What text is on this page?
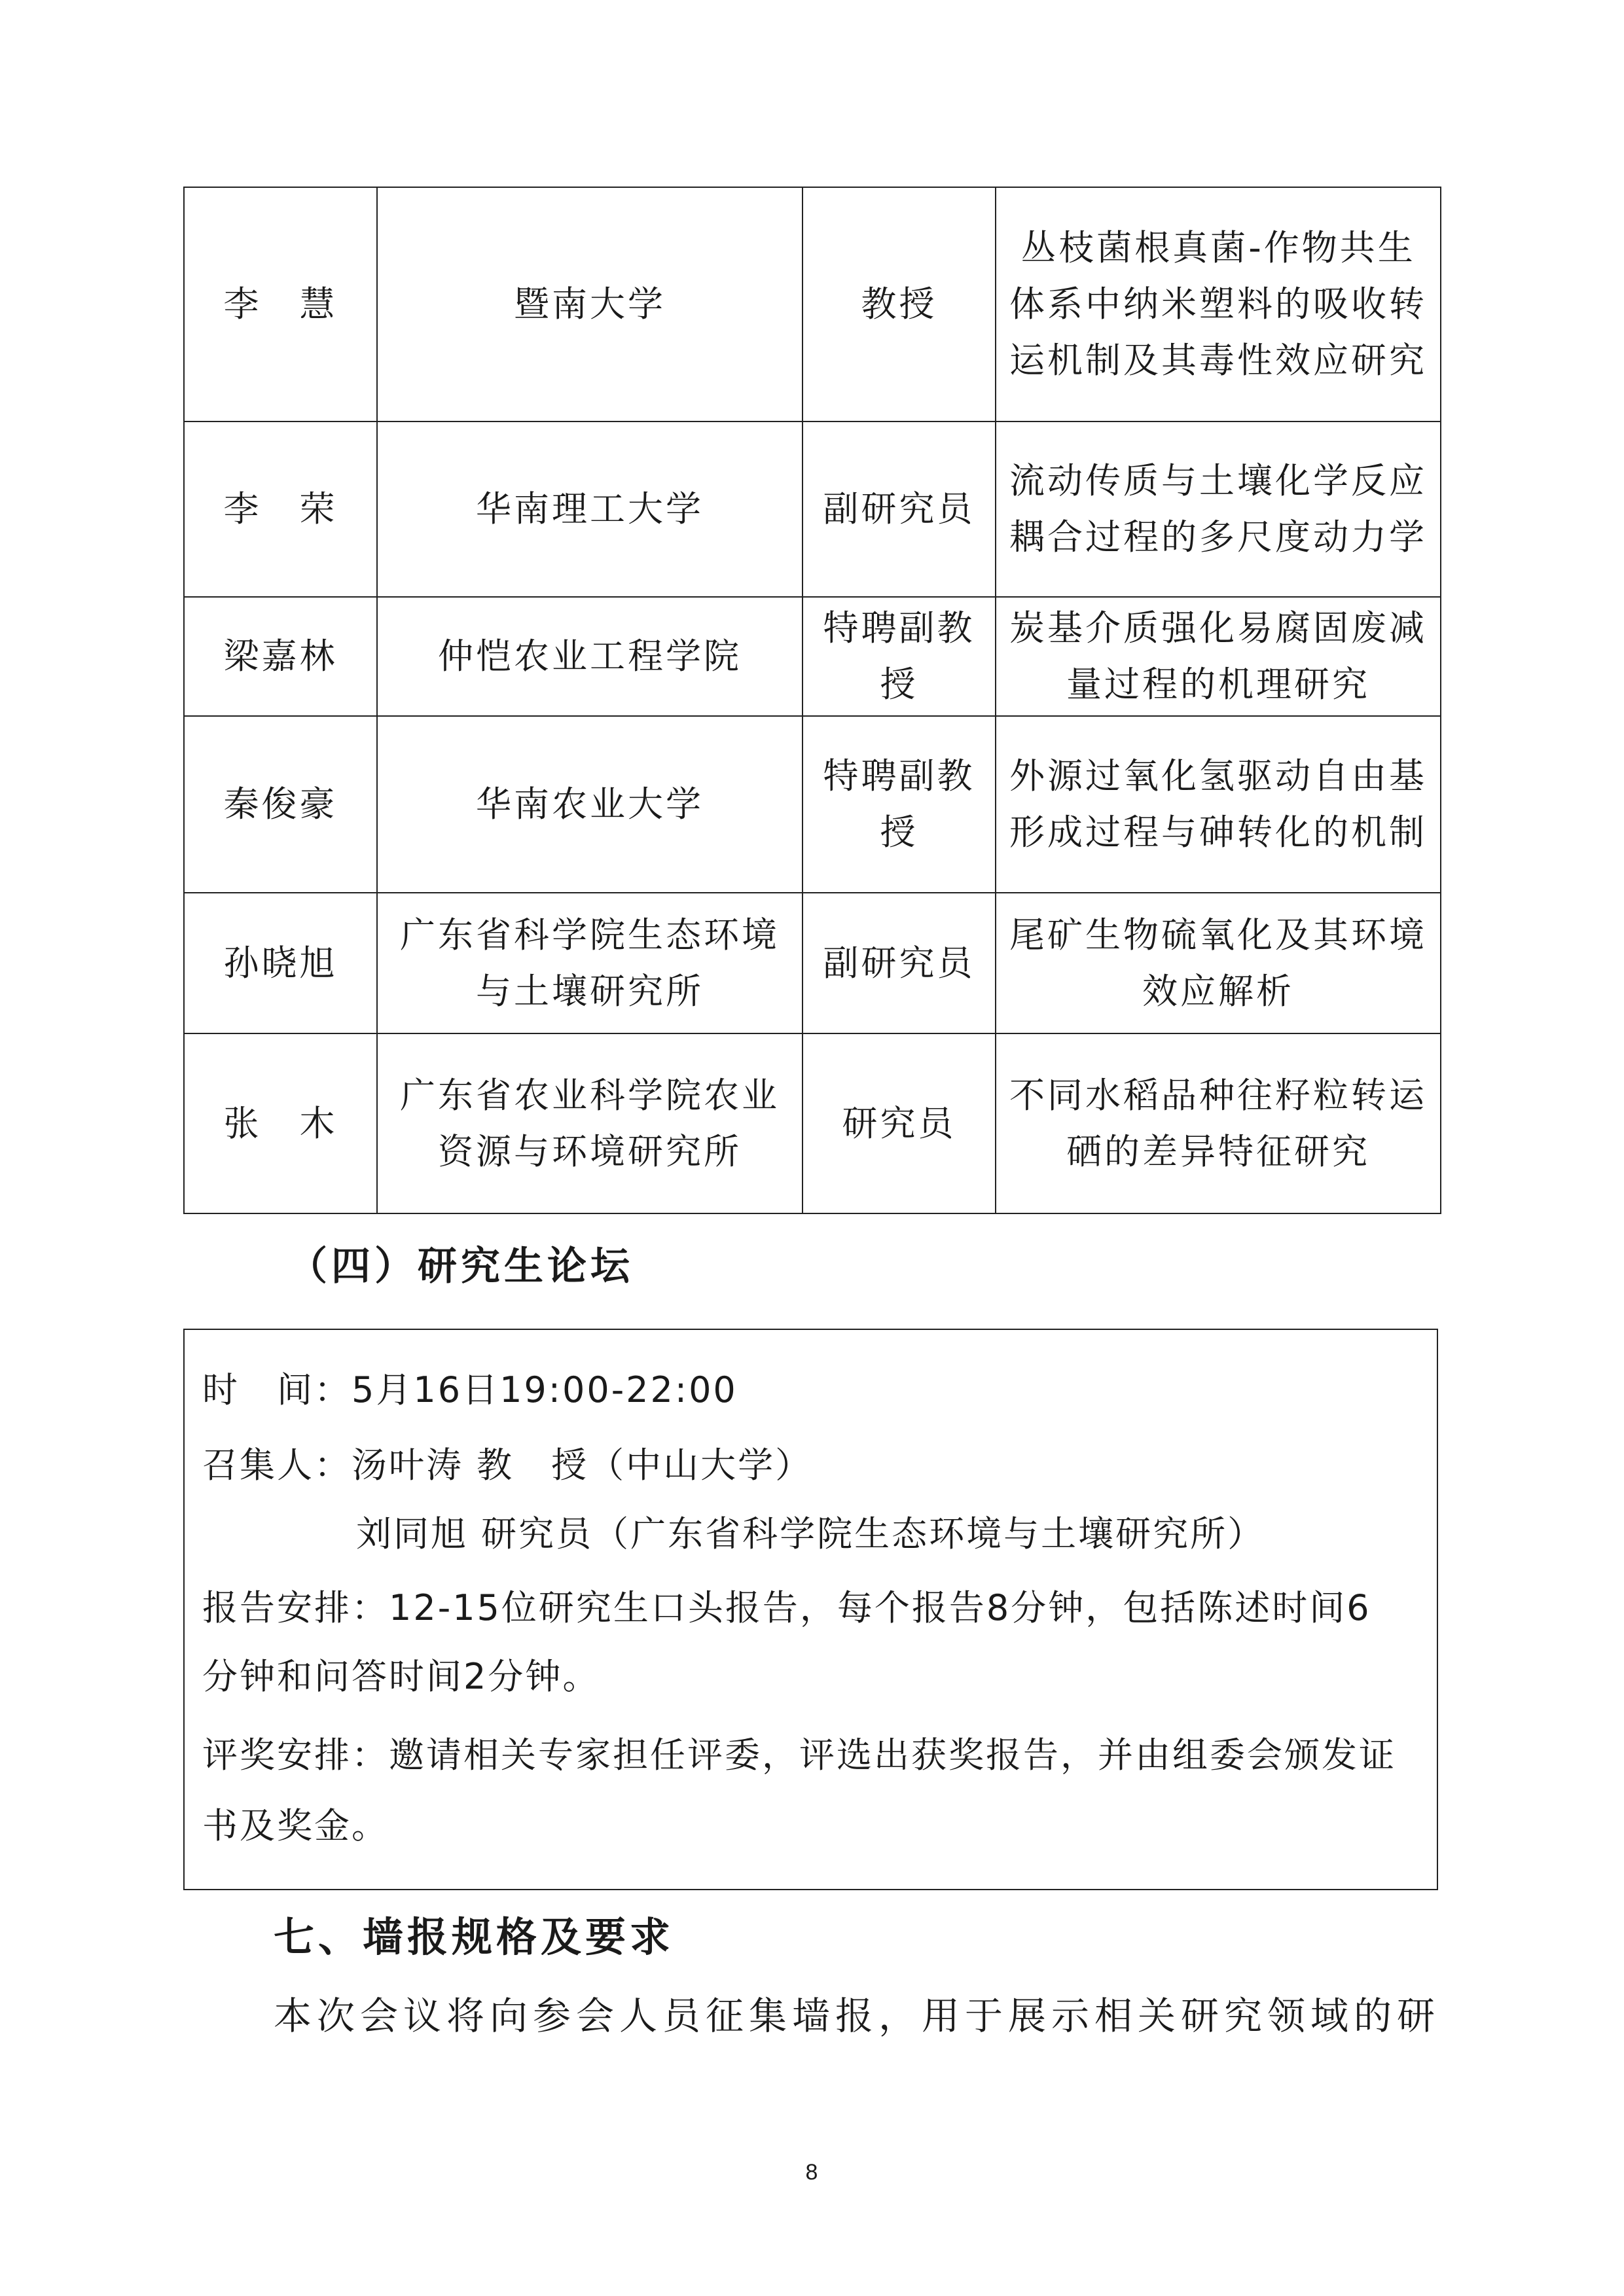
李　慧	暨南大学	教授	丛枝菌根真菌-作物共生体系中纳米塑料的吸收转运机制及其毒性效应研究
李　荣	华南理工大学	副研究员	流动传质与土壤化学反应耦合过程的多尺度动力学
梁嘉林	仲恺农业工程学院	特聘副教授	炭基介质强化易腐固废减量过程的机理研究
秦俊豪	华南农业大学	特聘副教授	外源过氧化氢驱动自由基形成过程与砷转化的机制
孙晓旭	广东省科学院生态环境与土壤研究所	副研究员	尾矿生物硫氧化及其环境效应解析
张　木	广东省农业科学院农业资源与环境研究所	研究员	不同水稻品种往籽粒转运硒的差异特征研究
（四）研究生论坛
时　间：5月16日19:00-22:00
召集人：汤叶涛 教　授（中山大学）
刘同旭 研究员（广东省科学院生态环境与土壤研究所）
报告安排：12-15位研究生口头报告，每个报告8分钟，包括陈述时间6
分钟和问答时间2分钟。
评奖安排：邀请相关专家担任评委，评选出获奖报告，并由组委会颁发证
书及奖金。
七、墙报规格及要求
本次会议将向参会人员征集墙报，用于展示相关研究领域的研
8
